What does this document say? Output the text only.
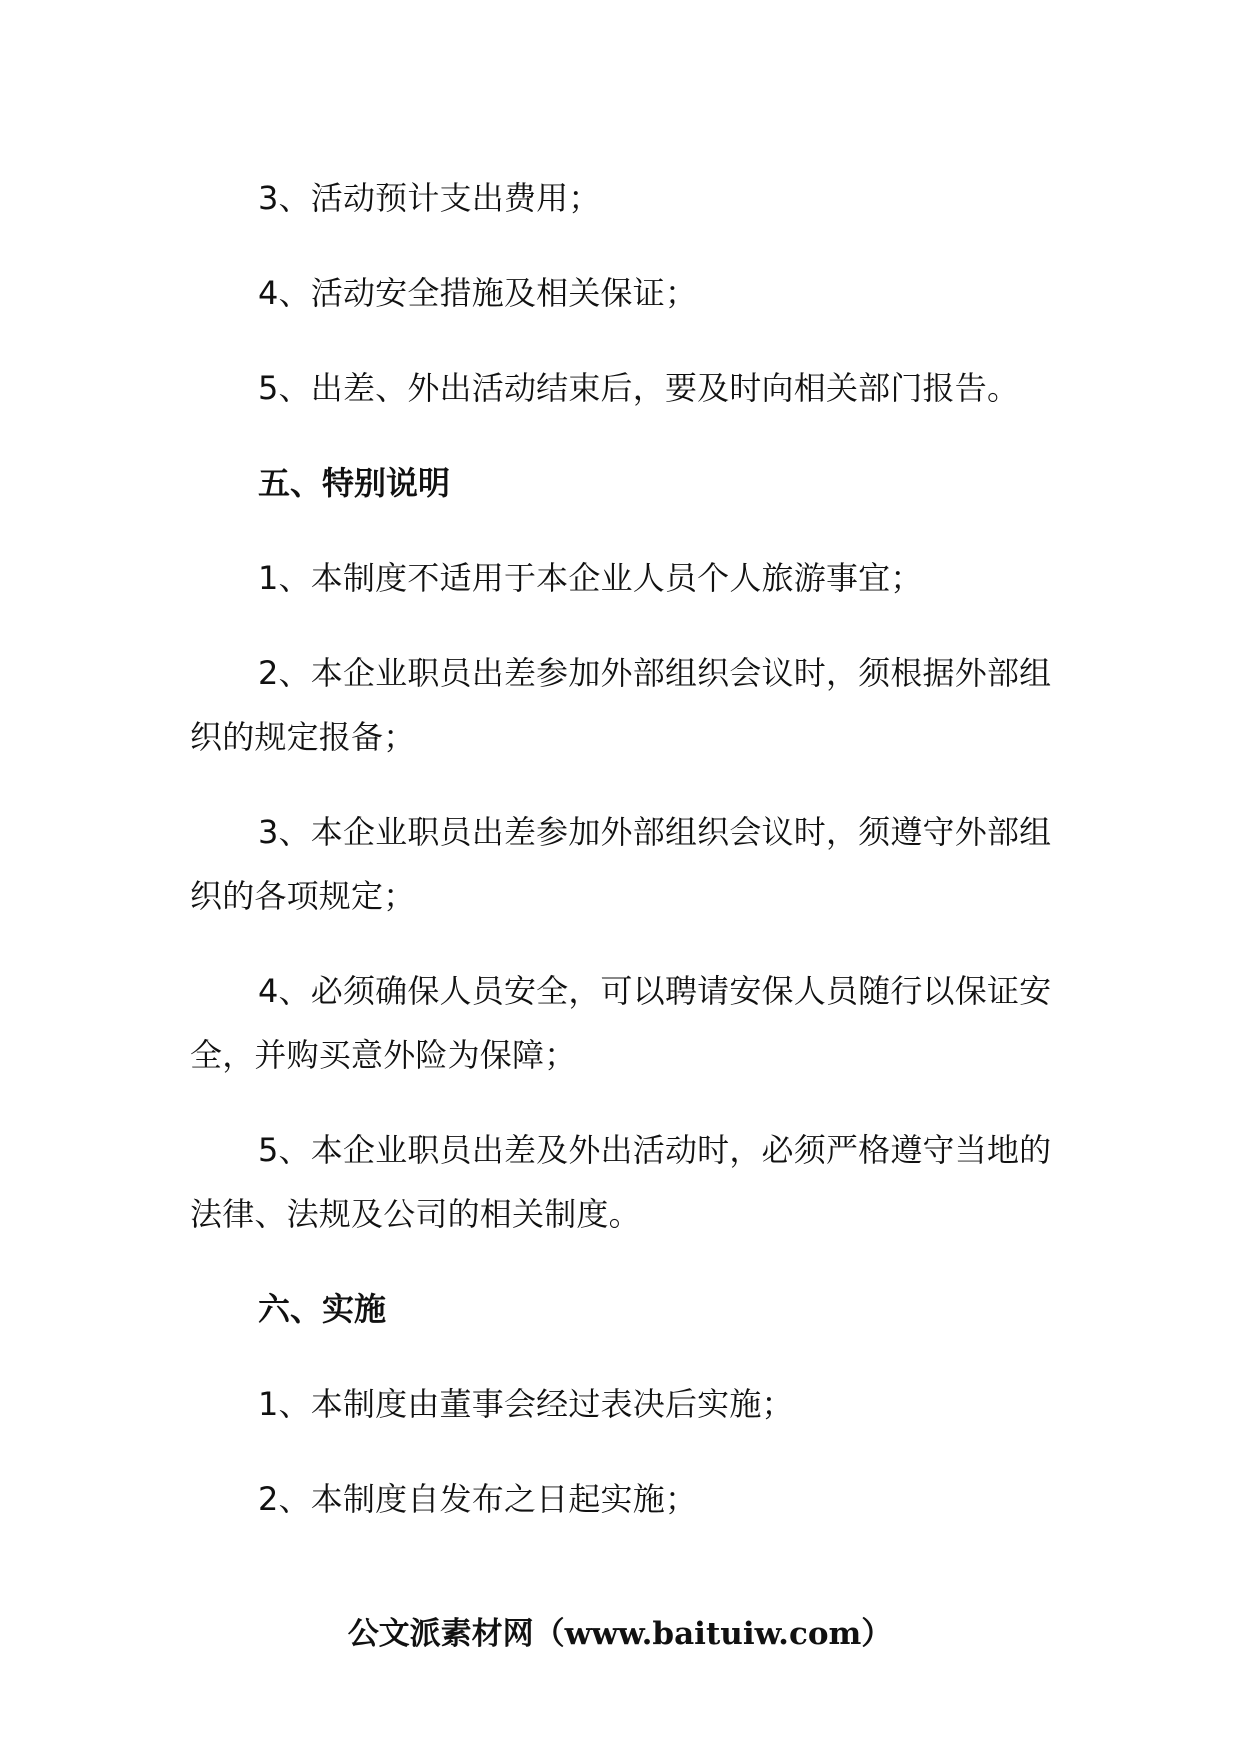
3、活动预计支出费用；

4、活动安全措施及相关保证；

5、出差、外出活动结束后，要及时向相关部门报告。

五、特别说明

1、本制度不适用于本企业人员个人旅游事宜；

2、本企业职员出差参加外部组织会议时，须根据外部组织的规定报备；

3、本企业职员出差参加外部组织会议时，须遵守外部组织的各项规定；

4、必须确保人员安全，可以聘请安保人员随行以保证安全，并购买意外险为保障；

5、本企业职员出差及外出活动时，必须严格遵守当地的法律、法规及公司的相关制度。

六、实施

1、本制度由董事会经过表决后实施；

2、本制度自发布之日起实施；

公文派素材网（www.baituiw.com）
